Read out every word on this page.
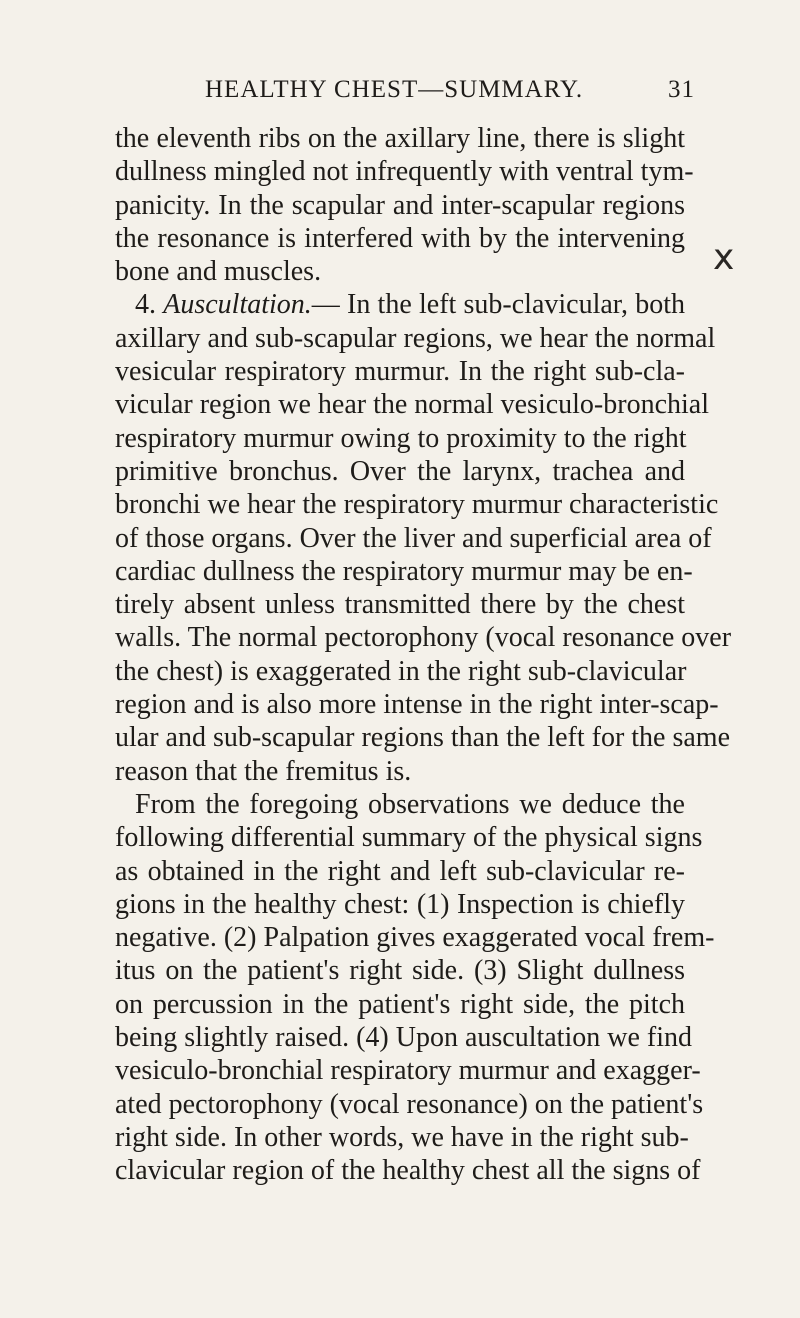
HEALTHY CHEST—SUMMARY.	31
x
the eleventh ribs on the axillary line, there is slight
dullness mingled not infrequently with ventral tym-
panicity. In the scapular and inter-scapular regions
the resonance is interfered with by the intervening
bone and muscles.
4. Auscultation.— In the left sub-clavicular, both
axillary and sub-scapular regions, we hear the normal
vesicular respiratory murmur. In the right sub-cla-
vicular region we hear the normal vesiculo-bronchial
respiratory murmur owing to proximity to the right
primitive bronchus. Over the larynx, trachea and
bronchi we hear the respiratory murmur characteristic
of those organs. Over the liver and superficial area of
cardiac dullness the respiratory murmur may be en-
tirely absent unless transmitted there by the chest
walls. The normal pectorophony (vocal resonance over
the chest) is exaggerated in the right sub-clavicular
region and is also more intense in the right inter-scap-
ular and sub-scapular regions than the left for the same
reason that the fremitus is.
From the foregoing observations we deduce the
following differential summary of the physical signs
as obtained in the right and left sub-clavicular re-
gions in the healthy chest: (1) Inspection is chiefly
negative. (2) Palpation gives exaggerated vocal frem-
itus on the patient's right side. (3) Slight dullness
on percussion in the patient's right side, the pitch
being slightly raised. (4) Upon auscultation we find
vesiculo-bronchial respiratory murmur and exagger-
ated pectorophony (vocal resonance) on the patient's
right side. In other words, we have in the right sub-
clavicular region of the healthy chest all the signs of
